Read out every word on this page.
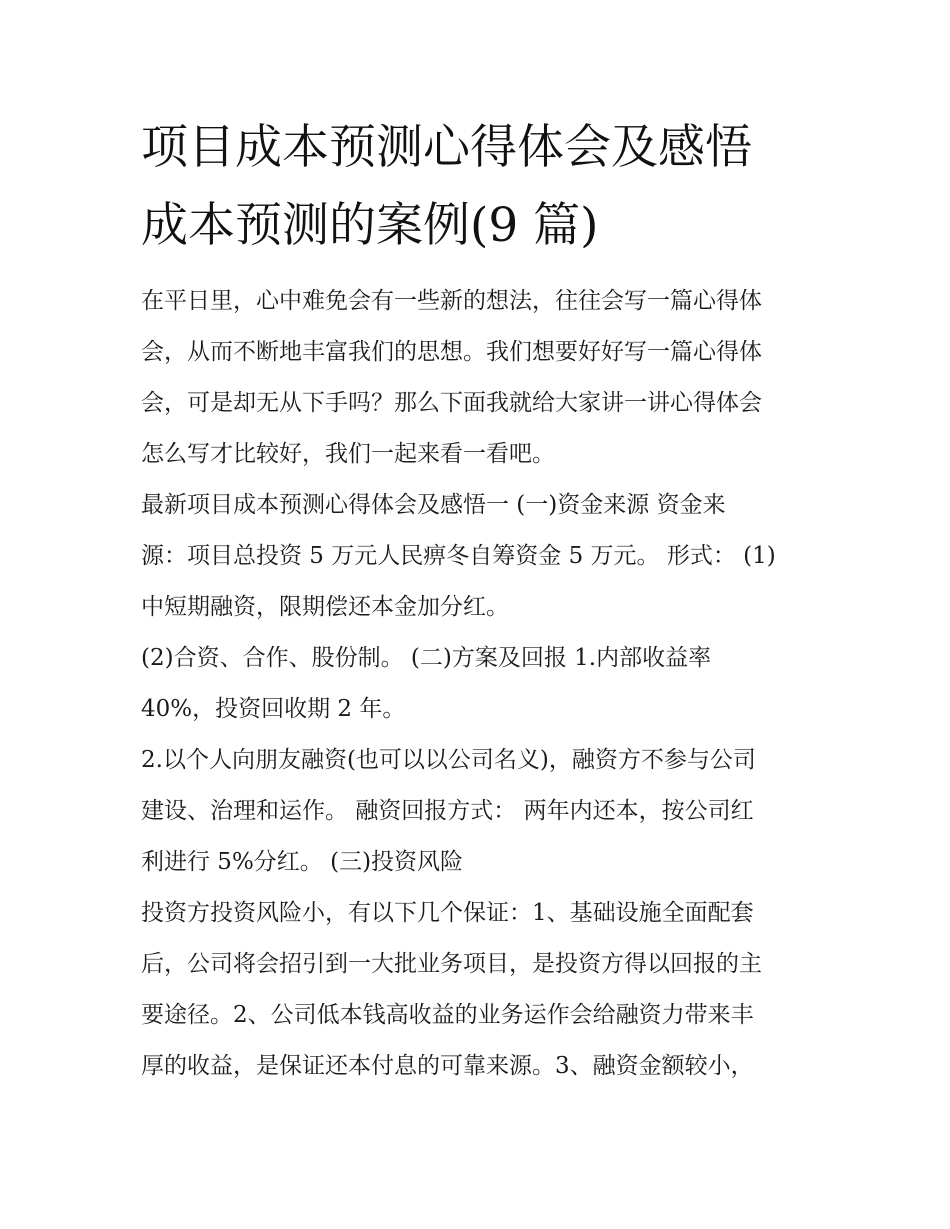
项目成本预测心得体会及感悟
成本预测的案例(9 篇)
在平日里，心中难免会有一些新的想法，往往会写一篇心得体
会，从而不断地丰富我们的思想。我们想要好好写一篇心得体
会，可是却无从下手吗？那么下面我就给大家讲一讲心得体会
怎么写才比较好，我们一起来看一看吧。
最新项目成本预测心得体会及感悟一 (一)资金来源 资金来
源：项目总投资 5 万元人民痹冬自筹资金 5 万元。 形式： (1)
中短期融资，限期偿还本金加分红。
(2)合资、合作、股份制。 (二)方案及回报 1.内部收益率
40%，投资回收期 2 年。
2.以个人向朋友融资(也可以以公司名义)，融资方不参与公司
建设、治理和运作。 融资回报方式： 两年内还本，按公司红
利进行 5%分红。 (三)投资风险
投资方投资风险小，有以下几个保证：1、基础设施全面配套
后，公司将会招引到一大批业务项目，是投资方得以回报的主
要途径。2、公司低本钱高收益的业务运作会给融资力带来丰
厚的收益，是保证还本付息的可靠来源。3、融资金额较小，
